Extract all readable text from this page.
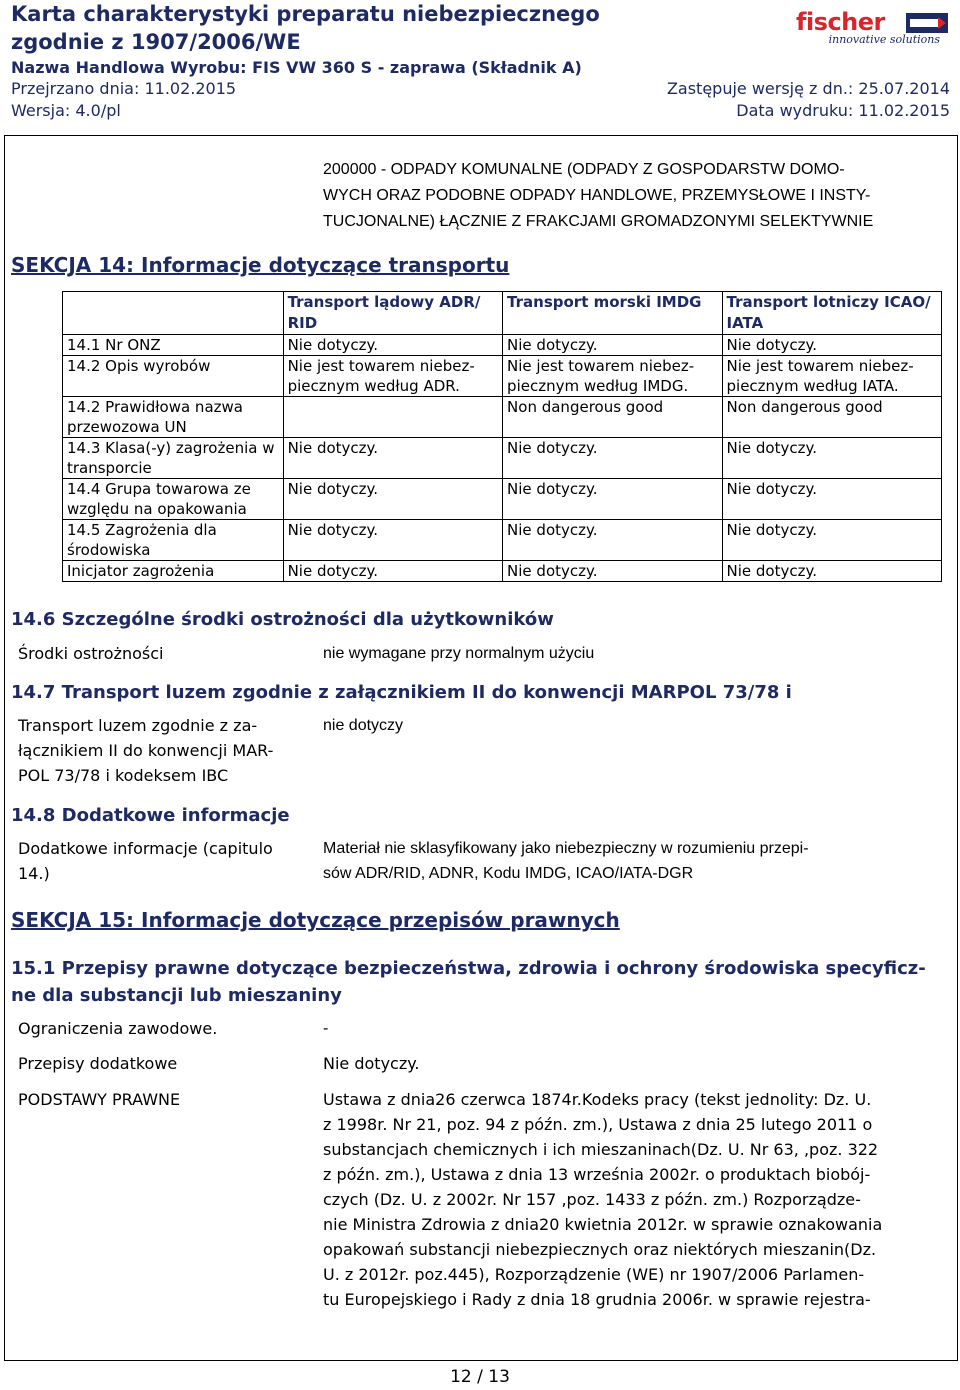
Karta charakterystyki preparatu niebezpiecznego
zgodnie z 1907/2006/WE
Nazwa Handlowa Wyrobu: FIS VW 360 S - zaprawa (Składnik A)
Przejrzano dnia: 11.02.2015	Zastępuje wersję z dn.: 25.07.2014
Wersja: 4.0/pl	Data wydruku: 11.02.2015
fischer
innovative solutions
200000 - ODPADY KOMUNALNE (ODPADY Z GOSPODARSTW DOMO-
WYCH ORAZ PODOBNE ODPADY HANDLOWE, PRZEMYSŁOWE I INSTY-
TUCJONALNE) ŁĄCZNIE Z FRAKCJAMI GROMADZONYMI SELEKTYWNIE
SEKCJA 14: Informacje dotyczące transportu
	Transport lądowy ADR/ RID	Transport morski IMDG	Transport lotniczy ICAO/ IATA
14.1 Nr ONZ	Nie dotyczy.	Nie dotyczy.	Nie dotyczy.
14.2 Opis wyrobów	Nie jest towarem niebez-piecznym według ADR.	Nie jest towarem niebez-piecznym według IMDG.	Nie jest towarem niebez-piecznym według IATA.
14.2 Prawidłowa nazwa przewozowa UN		Non dangerous good	Non dangerous good
14.3 Klasa(-y) zagrożenia w transporcie	Nie dotyczy.	Nie dotyczy.	Nie dotyczy.
14.4 Grupa towarowa ze względu na opakowania	Nie dotyczy.	Nie dotyczy.	Nie dotyczy.
14.5 Zagrożenia dla środowiska	Nie dotyczy.	Nie dotyczy.	Nie dotyczy.
Inicjator zagrożenia	Nie dotyczy.	Nie dotyczy.	Nie dotyczy.
14.6 Szczególne środki ostrożności dla użytkowników
Środki ostrożności	nie wymagane przy normalnym użyciu
14.7 Transport luzem zgodnie z załącznikiem II do konwencji MARPOL 73/78 i
Transport luzem zgodnie z za-
łącznikiem II do konwencji MAR-
POL 73/78 i kodeksem IBC
nie dotyczy
14.8 Dodatkowe informacje
Dodatkowe informacje (capitulo
14.)
Materiał nie sklasyfikowany jako niebezpieczny w rozumieniu przepi-
sów ADR/RID, ADNR, Kodu IMDG, ICAO/IATA-DGR
SEKCJA 15: Informacje dotyczące przepisów prawnych
15.1 Przepisy prawne dotyczące bezpieczeństwa, zdrowia i ochrony środowiska specyficz-
ne dla substancji lub mieszaniny
Ograniczenia zawodowe.	-
Przepisy dodatkowe	Nie dotyczy.
PODSTAWY PRAWNE	Ustawa z dnia26 czerwca 1874r.Kodeks pracy (tekst jednolity: Dz. U.
z 1998r. Nr 21, poz. 94 z późn. zm.), Ustawa z dnia 25 lutego 2011 o
substancjach chemicznych i ich mieszaninach(Dz. U. Nr 63, ,poz. 322
z późn. zm.), Ustawa z dnia 13 września 2002r. o produktach biobój-
czych (Dz. U. z 2002r. Nr 157 ,poz. 1433 z późn. zm.) Rozporządze-
nie Ministra Zdrowia z dnia20 kwietnia 2012r. w sprawie oznakowania
opakowań substancji niebezpiecznych oraz niektórych mieszanin(Dz.
U. z 2012r. poz.445), Rozporządzenie (WE) nr 1907/2006 Parlamen-
tu Europejskiego i Rady z dnia 18 grudnia 2006r. w sprawie rejestra-
12 / 13
